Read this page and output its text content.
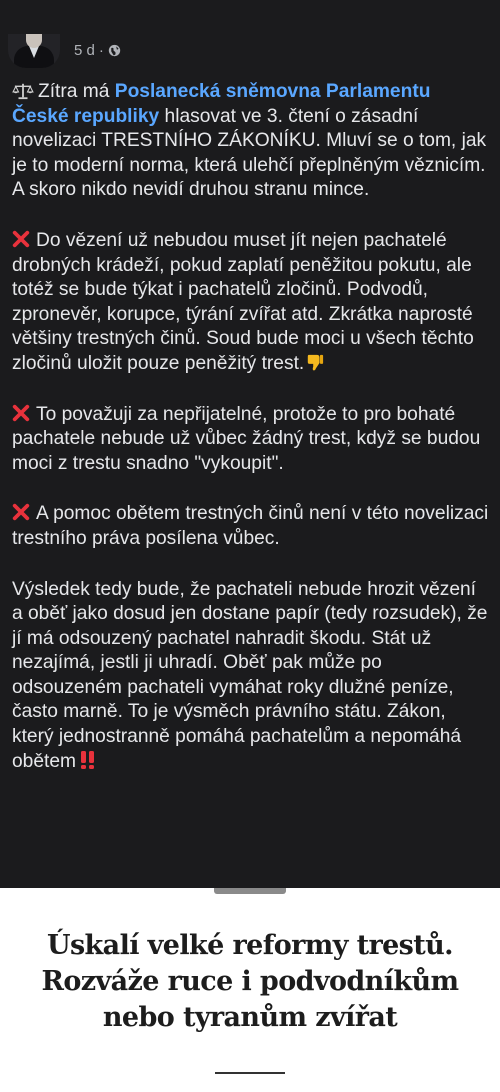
5 d ·

Zítra má Poslanecká sněmovna Parlamentu České republiky hlasovat ve 3. čtení o zásadní novelizaci TRESTNÍHO ZÁKONÍKU. Mluví se o tom, jak je to moderní norma, která ulehčí přeplněným věznicím. A skoro nikdo nevidí druhou stranu mince.

Do vězení už nebudou muset jít nejen pachatelé drobných krádeží, pokud zaplatí peněžitou pokutu, ale totéž se bude týkat i pachatelů zločinů. Podvodů, zpronevěr, korupce, týrání zvířat atd. Zkrátka naprosté většiny trestných činů. Soud bude moci u všech těchto zločinů uložit pouze peněžitý trest.

To považuji za nepřijatelné, protože to pro bohaté pachatele nebude už vůbec žádný trest, když se budou moci z trestu snadno "vykoupit".

A pomoc obětem trestných činů není v této novelizaci trestního práva posílena vůbec.

Výsledek tedy bude, že pachateli nebude hrozit vězení a oběť jako dosud jen dostane papír (tedy rozsudek), že jí má odsouzený pachatel nahradit škodu. Stát už nezajímá, jestli ji uhradí. Oběť pak může po odsouzeném pachateli vymáhat roky dlužné peníze, často marně. To je výsměch právního státu. Zákon, který jednostranně pomáhá pachatelům a nepomáhá obětem

Úskalí velké reformy trestů. Rozváže ruce i podvodníkům nebo tyranům zvířat
